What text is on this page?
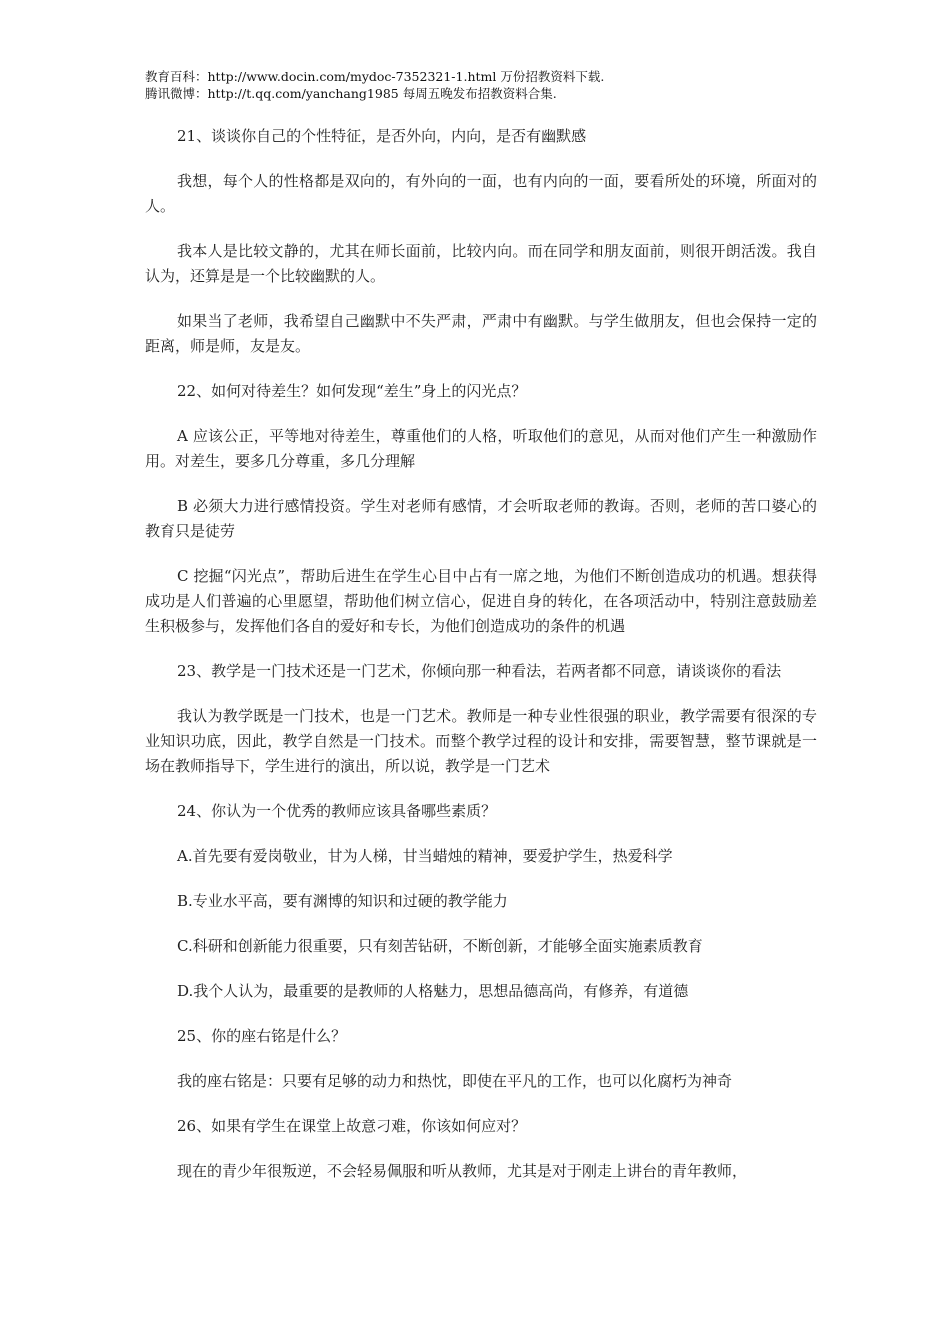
教育百科：http://www.docin.com/mydoc-7352321-1.html 万份招教资料下载.
腾讯微博：http://t.qq.com/yanchang1985 每周五晚发布招教资料合集.

21、谈谈你自己的个性特征，是否外向，内向，是否有幽默感

我想，每个人的性格都是双向的，有外向的一面，也有内向的一面，要看所处的环境，所面对的人。

我本人是比较文静的，尤其在师长面前，比较内向。而在同学和朋友面前，则很开朗活泼。我自认为，还算是是一个比较幽默的人。

如果当了老师，我希望自己幽默中不失严肃，严肃中有幽默。与学生做朋友，但也会保持一定的距离，师是师，友是友。

22、如何对待差生？如何发现“差生”身上的闪光点？

A 应该公正，平等地对待差生，尊重他们的人格，听取他们的意见，从而对他们产生一种激励作用。对差生，要多几分尊重，多几分理解

B 必须大力进行感情投资。学生对老师有感情，才会听取老师的教诲。否则，老师的苦口婆心的教育只是徒劳

C 挖掘“闪光点”，帮助后进生在学生心目中占有一席之地，为他们不断创造成功的机遇。想获得成功是人们普遍的心里愿望，帮助他们树立信心，促进自身的转化，在各项活动中，特别注意鼓励差生积极参与，发挥他们各自的爱好和专长，为他们创造成功的条件的机遇

23、教学是一门技术还是一门艺术，你倾向那一种看法，若两者都不同意，请谈谈你的看法

我认为教学既是一门技术，也是一门艺术。教师是一种专业性很强的职业，教学需要有很深的专业知识功底，因此，教学自然是一门技术。而整个教学过程的设计和安排，需要智慧，整节课就是一场在教师指导下，学生进行的演出，所以说，教学是一门艺术

24、你认为一个优秀的教师应该具备哪些素质？

A.首先要有爱岗敬业，甘为人梯，甘当蜡烛的精神，要爱护学生，热爱科学

B.专业水平高，要有渊博的知识和过硬的教学能力

C.科研和创新能力很重要，只有刻苦钻研，不断创新，才能够全面实施素质教育

D.我个人认为，最重要的是教师的人格魅力，思想品德高尚，有修养，有道德

25、你的座右铭是什么？

我的座右铭是：只要有足够的动力和热忱，即使在平凡的工作，也可以化腐朽为神奇

26、如果有学生在课堂上故意刁难，你该如何应对？

现在的青少年很叛逆，不会轻易佩服和听从教师，尤其是对于刚走上讲台的青年教师，
